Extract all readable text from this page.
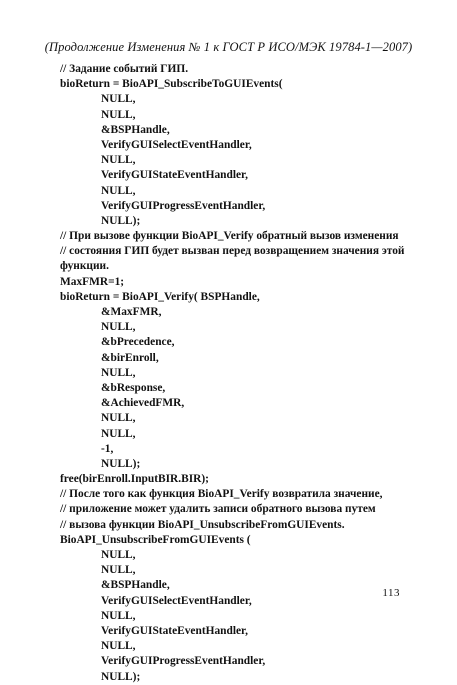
(Продолжение Изменения № 1 к ГОСТ Р ИСО/МЭК 19784-1—2007)
// Задание событий ГИП.
bioReturn = BioAPI_SubscribeToGUIEvents(
NULL,
NULL,
&BSPHandle,
VerifyGUISelectEventHandler,
NULL,
VerifyGUIStateEventHandler,
NULL,
VerifyGUIProgressEventHandler,
NULL);
// При вызове функции BioAPI_Verify обратный вызов изменения
// состояния ГИП будет вызван перед возвращением значения этой
функции.
MaxFMR=1;
bioReturn = BioAPI_Verify( BSPHandle,
&MaxFMR,
NULL,
&bPrecedence,
&birEnroll,
NULL,
&bResponse,
&AchievedFMR,
NULL,
NULL,
-1,
NULL);
free(birEnroll.InputBIR.BIR);
// После того как функция BioAPI_Verify возвратила значение,
// приложение может удалить записи обратного вызова путем
// вызова функции BioAPI_UnsubscribeFromGUIEvents.
BioAPI_UnsubscribeFromGUIEvents (
NULL,
NULL,
&BSPHandle,
VerifyGUISelectEventHandler,
NULL,
VerifyGUIStateEventHandler,
NULL,
VerifyGUIProgressEventHandler,
NULL);
113
